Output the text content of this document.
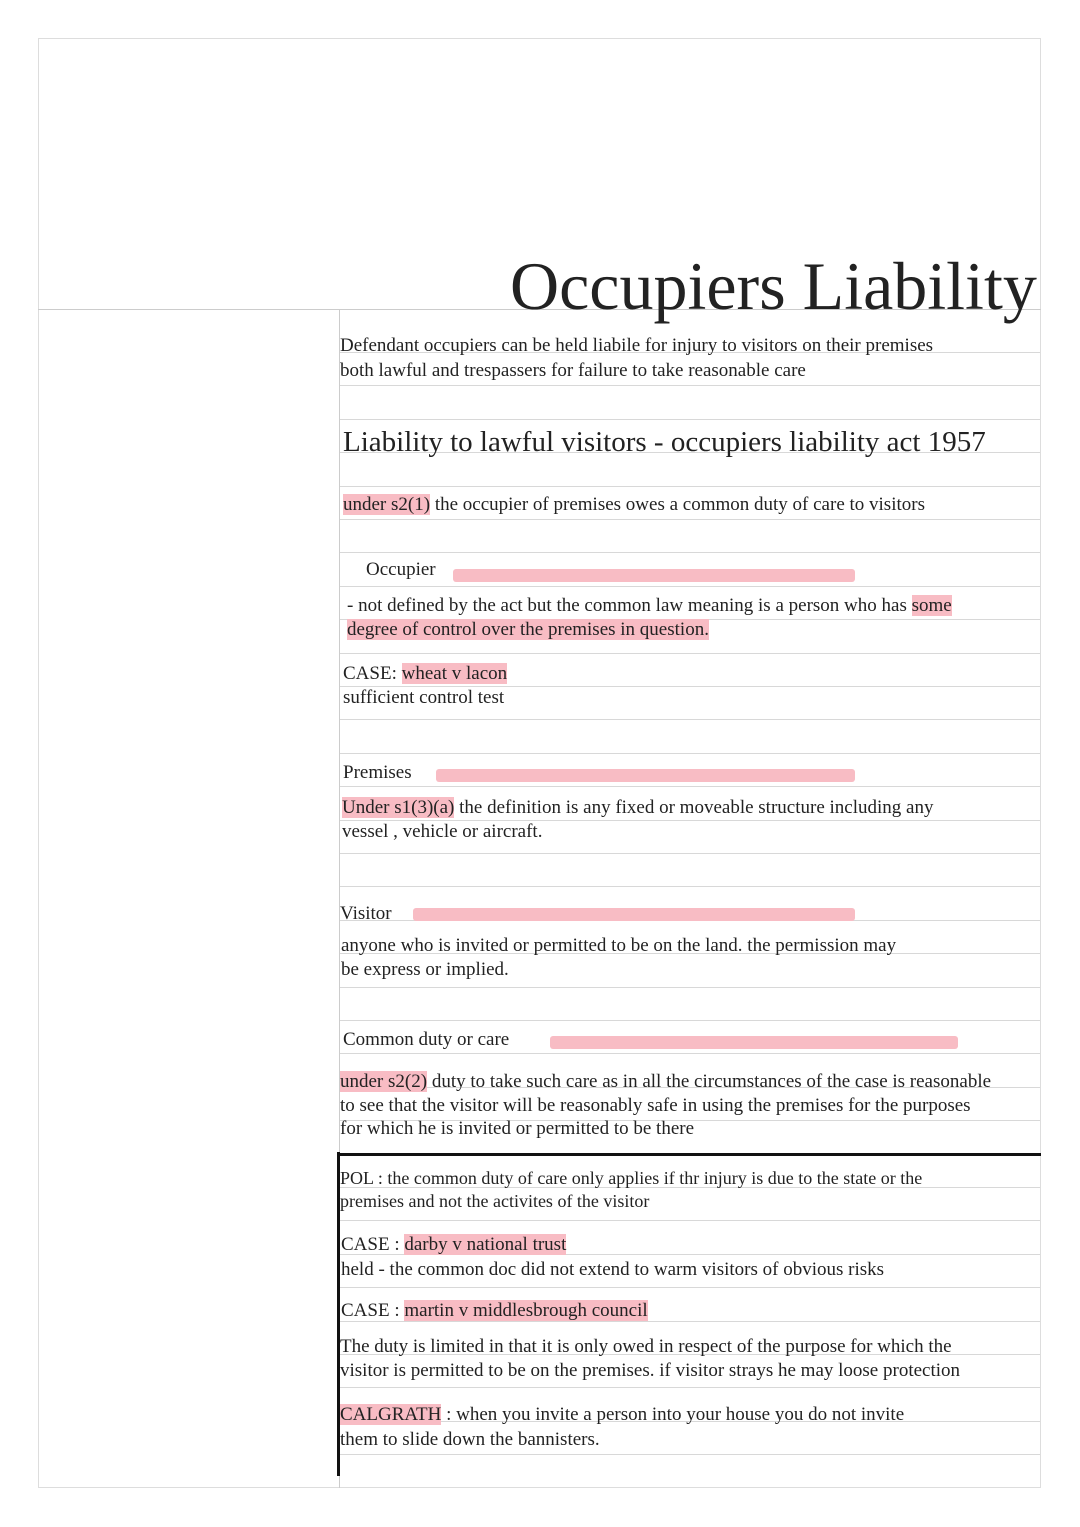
Occupiers Liability
Defendant occupiers can be held liabile for injury to visitors on their premises
both lawful and trespassers for failure to take reasonable care
Liability to lawful visitors - occupiers liability act 1957
under s2(1) the occupier of premises owes a common duty of care to visitors
Occupier
- not defined by the act but the common law meaning is a person who has some
degree of control over the premises in question.
CASE: wheat v lacon
sufficient control test
Premises
Under s1(3)(a) the definition is any fixed or moveable structure including any
vessel , vehicle or aircraft.
Visitor
anyone who is invited or permitted to be on the land. the permission may
be express or implied.
Common duty or care
under s2(2) duty to take such care as in all the circumstances of the case is reasonable
to see that the visitor will be reasonably safe in using the premises for the purposes
for which he is invited or permitted to be there
POL : the common duty of care only applies if thr injury is due to the state or the
premises and not the activites of the visitor
CASE : darby v national trust
held - the common doc did not extend to warm visitors of obvious risks
CASE : martin v middlesbrough council
The duty is limited in that it is only owed in respect of the purpose for which the
visitor is permitted to be on the premises. if visitor strays he may loose protection
CALGRATH : when you invite a person into your house you do not invite
them to slide down the bannisters.
